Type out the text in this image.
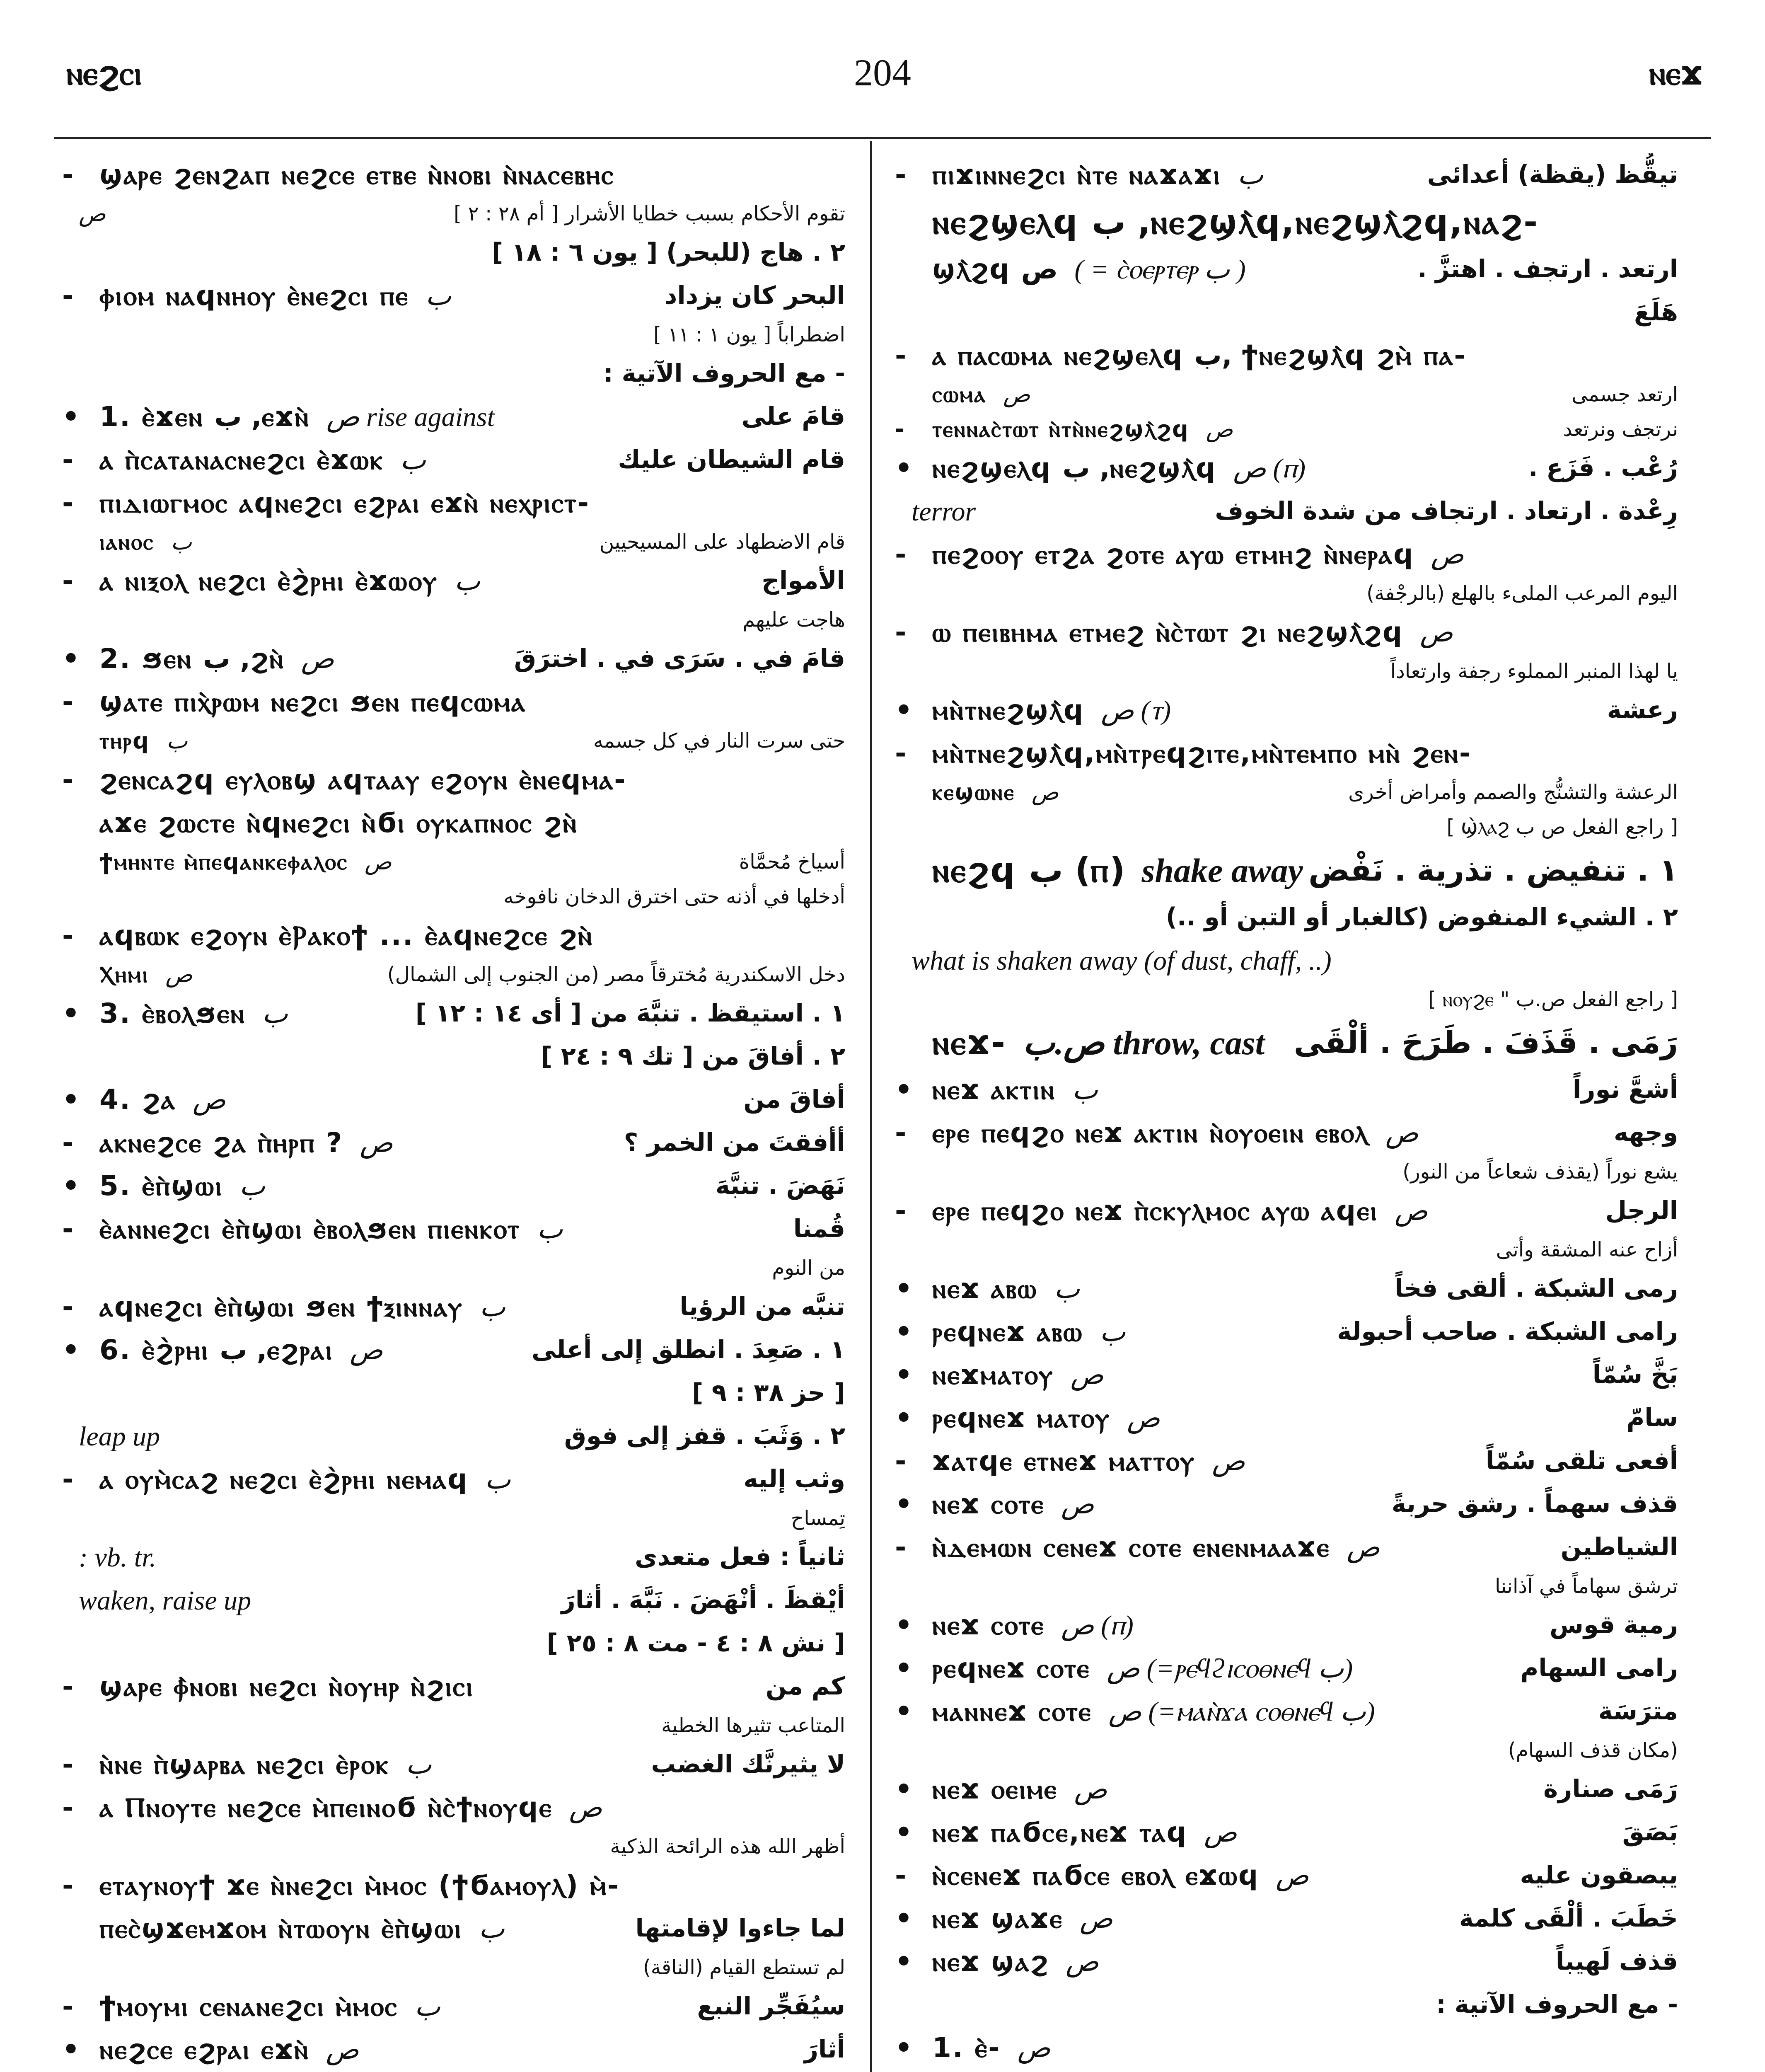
ⲛⲉϩⲥⲓ	204	ⲛⲉϫ
- ϣⲁⲣⲉ ϩⲉⲛϩⲁⲡ ⲛⲉϩⲥⲉ ⲉⲧⲃⲉ ⲛ̀ⲛⲟⲃⲓ ⲛ̀ⲛⲁⲥⲉⲃⲏⲥ
ص	تقوم الأحكام بسبب خطايا الأشرار [ أم ٢٨ : ٢ ]
٢ . هاج (للبحر) [ يون ٦ : ١٨ ]
- ⲫⲓⲟⲙ ⲛⲁϥⲛⲏⲟⲩ ⲉ̀ⲛⲉϩⲥⲓ ⲡⲉ ب	البحر كان يزداد
اضطراباً [ يون ١ : ١١ ]
- مع الحروف الآتية :
• 1. ⲉ̀ϫⲉⲛ ب ,ⲉϫⲛ̀ ص rise against	قامَ على
- ⲁ ⲡ̀ⲥⲁⲧⲁⲛⲁⲥⲛⲉϩⲥⲓ ⲉ̀ϫⲱⲕ ب	قام الشيطان عليك
- ⲡⲓⲇⲓⲱⲅⲙⲟⲥ ⲁϥⲛⲉϩⲥⲓ ⲉϩⲣⲁⲓ ⲉϫⲛ̀ ⲛⲉⲭⲣⲓⲥⲧ-
ⲓⲁⲛⲟⲥ ب	قام الاضطهاد على المسيحيين
- ⲁ ⲛⲓⲝⲟⲗ ⲛⲉϩⲥⲓ ⲉ̀ϩ̀ⲣⲏⲓ ⲉ̀ϫⲱⲟⲩ ب	الأمواج
هاجت عليهم
• 2. ϧⲉⲛ ب ,ϩⲛ̀ ص	قامَ في . سَرَى في . اخترَقَ
- ϣⲁⲧⲉ ⲡⲓⲭ̀ⲣⲱⲙ ⲛⲉϩⲥⲓ ϧⲉⲛ ⲡⲉϥⲥⲱⲙⲁ
ⲧⲏⲣϥ ب	حتى سرت النار في كل جسمه
- ϩⲉⲛⲥⲁϩϥ ⲉⲩⲗⲟⲃϣ ⲁϥⲧⲁⲁⲩ ⲉϩⲟⲩⲛ ⲉ̀ⲛⲉϥⲙⲁ-
ⲁϫⲉ ϩⲱⲥⲧⲉ ⲛ̀ϥⲛⲉϩⲥⲓ ⲛ̀ϭⲓ ⲟⲩⲕⲁⲡⲛⲟⲥ ϩⲛ̀
ϯⲙⲏⲛⲧⲉ ⲙ̀ⲡⲉϥⲁⲛⲕⲉⲫⲁⲗⲟⲥ ص	أسياخ مُحمَّاة
أدخلها في أذنه حتى اخترق الدخان نافوخه
- ⲁϥⲃⲱⲕ ⲉϩⲟⲩⲛ ⲉ̀Ⲣⲁⲕⲟϯ ... ⲉ̀ⲁϥⲛⲉϩⲥⲉ ϩⲛ̀
Ⲭⲏⲙⲓ ص	دخل الاسكندرية مُخترقاً مصر (من الجنوب إلى الشمال)
• 3. ⲉ̀ⲃⲟⲗϧⲉⲛ ب	١ . استيقظ . تنبَّهَ من [ أى ١٤ : ١٢ ]
٢ . أفاقَ من [ تك ٩ : ٢٤ ]
• 4. ϩⲁ ص	أفاقَ من
- ⲁⲕⲛⲉϩⲥⲉ ϩⲁ ⲡ̀ⲏⲣⲡ ? ص	أأفقتَ من الخمر ؟
• 5. ⲉ̀ⲡ̀ϣⲱⲓ ب	نَهَضَ . تنبَّهَ
- ⲉ̀ⲁⲛⲛⲉϩⲥⲓ ⲉ̀ⲡ̀ϣⲱⲓ ⲉ̀ⲃⲟⲗϧⲉⲛ ⲡⲓⲉⲛⲕⲟⲧ ب	قُمنا
من النوم
- ⲁϥⲛⲉϩⲥⲓ ⲉ̀ⲡ̀ϣⲱⲓ ϧⲉⲛ ϯⲝⲓⲛⲛⲁⲩ ب	تنبَّه من الرؤيا
• 6. ⲉ̀ϩ̀ⲣⲏⲓ ب ,ⲉϩⲣⲁⲓ ص	١ . صَعِدَ . انطلق إلى أعلى
[ حز ٣٨ : ٩ ]
leap up	٢ . وَثَبَ . قفز إلى فوق
- ⲁ ⲟⲩⲙ̀ⲥⲁϩ ⲛⲉϩⲥⲓ ⲉ̀ϩ̀ⲣⲏⲓ ⲛⲉⲙⲁϥ ب	وثب إليه
تِمساح
: vb. tr.	ثانياً : فعل متعدى
waken, raise up	أيْقظَ . أنْهَضَ . نَبَّهَ . أثارَ
[ نش ٨ : ٤ - مت ٨ : ٢٥ ]
- ϣⲁⲣⲉ ⲫ̀ⲛⲟⲃⲓ ⲛⲉϩⲥⲓ ⲛ̀ⲟⲩⲏⲣ ⲛ̀ϩⲓⲥⲓ	كم من
المتاعب تثيرها الخطية
- ⲛ̀ⲛⲉ ⲡ̀ϣⲁⲣⲃⲁ ⲛⲉϩⲥⲓ ⲉ̀ⲣⲟⲕ ب	لا يثيرنَّك الغضب
- ⲁ Ⲡⲛⲟⲩⲧⲉ ⲛⲉϩⲥⲉ ⲙ̀ⲡⲉⲓⲛⲟϭ ⲛ̀ⲥ̀ϯⲛⲟⲩϥⲉ ص
أظهر الله هذه الرائحة الذكية
- ⲉⲧⲁⲩⲛⲟⲩϯ ϫⲉ ⲛ̀ⲛⲉϩⲥⲓ ⲙ̀ⲙⲟⲥ (ϯϭⲁⲙⲟⲩⲗ) ⲙ̀-
ⲡⲉⲥ̀ϣϫⲉⲙϫⲟⲙ ⲛ̀ⲧⲱⲟⲩⲛ ⲉ̀ⲡ̀ϣⲱⲓ ب	لما جاءوا لإقامتها
لم تستطع القيام (الناقة)
- ϯⲙⲟⲩⲙⲓ ⲥⲉⲛⲁⲛⲉϩⲥⲓ ⲙ̀ⲙⲟⲥ ب	سيُفَجِّر النبع
• ⲛⲉϩⲥⲉ ⲉϩⲣⲁⲓ ⲉϫⲛ̀ ص	أثارَ
- ⲡⲓϫⲓⲛⲛⲉϩⲥⲓ ⲛ̀ⲧⲉ ⲛⲁϫⲁϫⲓ ب	تيقُّظ (يقظة) أعدائى
ⲛⲉϩϣⲉⲗϥ ب ,ⲛⲉϩϣⲗ̀ϥ,ⲛⲉϩϣⲗ̀ϩϥ,ⲛⲁϩ-
ϣⲗ̀ϩϥ ص ( = ⲥ̀ⲟⲉⲣⲧⲉⲣ ب )	ارتعد . ارتجف . اهتزَّ .
هَلَعَ
- ⲁ ⲡⲁⲥⲱⲙⲁ ⲛⲉϩϣⲉⲗϥ ب, ϯⲛⲉϩϣⲗ̀ϥ ϩⲙ̀ ⲡⲁ-
ⲥⲱⲙⲁ ص	ارتعد جسمى
- ⲧⲉⲛⲛⲁⲥ̀ⲧⲱⲧ ⲛ̀ⲧⲛ̀ⲛⲉϩϣⲗ̀ϩϥ ص	نرتجف ونرتعد
• ⲛⲉϩϣⲉⲗϥ ب ,ⲛⲉϩϣⲗ̀ϥ ص (ⲡ)	رُعْب . فَزَع .
terror	رِعْدة . ارتعاد . ارتجاف من شدة الخوف
- ⲡⲉϩⲟⲟⲩ ⲉⲧϩⲁ ϩⲟⲧⲉ ⲁⲩⲱ ⲉⲧⲙⲏϩ ⲛ̀ⲛⲉⲣⲁϥ ص
اليوم المرعب الملىء بالهلع (بالرجْفة)
- ⲱ ⲡⲉⲓⲃⲏⲙⲁ ⲉⲧⲙⲉϩ ⲛ̀ⲥ̀ⲧⲱⲧ ϩⲓ ⲛⲉϩϣⲗ̀ϩϥ ص
يا لهذا المنبر المملوء رجفة وارتعاداً
• ⲙⲛ̀ⲧⲛⲉϩϣⲗ̀ϥ ص (ⲧ)	رعشة
- ⲙⲛ̀ⲧⲛⲉϩϣⲗ̀ϥ,ⲙⲛ̀ⲧⲣⲉϥϩⲓⲧⲉ,ⲙⲛ̀ⲧⲉⲙⲡⲟ ⲙⲛ̀ ϩⲉⲛ-
ⲕⲉϣⲱⲛⲉ ص	الرعشة والتشنُّج والصمم وأمراض أخرى
[ راجع الفعل ص ب ϣ̀ⲗⲁϩ ]
ⲛⲉϩϥ ب (ⲡ) shake away ١ . تنفيض . تذرية . نَفْض
٢ . الشيء المنفوض (كالغبار أو التبن أو ..)
what is shaken away (of dust, chaff, ..)
[ راجع الفعل ص.ب " ⲛⲟⲩϩⲉ ]
ⲛⲉϫ- ص.ب throw, cast رَمَى . قَذَفَ . طَرَحَ . ألْقَى
• ⲛⲉϫ ⲁⲕⲧⲓⲛ ب	أشعَّ نوراً
- ⲉⲣⲉ ⲡⲉϥϩⲟ ⲛⲉϫ ⲁⲕⲧⲓⲛ ⲛ̀ⲟⲩⲟⲉⲓⲛ ⲉⲃⲟⲗ ص	وجهه
يشع نوراً (يقذف شعاعاً من النور)
- ⲉⲣⲉ ⲡⲉϥϩⲟ ⲛⲉϫ ⲡ̀ⲥⲕⲩⲗⲙⲟⲥ ⲁⲩⲱ ⲁϥⲉⲓ ص	الرجل
أزاح عنه المشقة وأتى
• ⲛⲉϫ ⲁⲃⲱ ب	رمى الشبكة . ألقى فخاً
• ⲣⲉϥⲛⲉϫ ⲁⲃⲱ ب	رامى الشبكة . صاحب أحبولة
• ⲛⲉϫⲙⲁⲧⲟⲩ ص	بَخَّ سُمّاً
• ⲣⲉϥⲛⲉϫ ⲙⲁⲧⲟⲩ ص	سامّ
- ϫⲁⲧϥⲉ ⲉⲧⲛⲉϫ ⲙⲁⲧⲧⲟⲩ ص	أفعى تلقى سُمّاً
• ⲛⲉϫ ⲥⲟⲧⲉ ص	قذف سهماً . رشق حربةً
- ⲛ̀ⲇⲉⲙⲱⲛ ⲥⲉⲛⲉϫ ⲥⲟⲧⲉ ⲉⲛⲉⲛⲙⲁⲁϫⲉ ص	الشياطين
ترشق سهاماً في آذاننا
• ⲛⲉϫ ⲥⲟⲧⲉ ص (ⲡ)	رمية قوس
• ⲣⲉϥⲛⲉϫ ⲥⲟⲧⲉ ص (=ⲣⲉϥϩⲓⲥⲟⲑⲛⲉϥ ب)	رامى السهام
• ⲙⲁⲛⲛⲉϫ ⲥⲟⲧⲉ ص (=ⲙⲁⲛ̀ϫⲁ ⲥⲟⲑⲛⲉϥ ب)	مترَسَة
(مكان قذف السهام)
• ⲛⲉϫ ⲟⲉⲓⲙⲉ ص	رَمَى صنارة
• ⲛⲉϫ ⲡⲁϭⲥⲉ,ⲛⲉϫ ⲧⲁϥ ص	بَصَقَ
- ⲛ̀ⲥⲉⲛⲉϫ ⲡⲁϭⲥⲉ ⲉⲃⲟⲗ ⲉϫⲱϥ ص	يبصقون عليه
• ⲛⲉϫ ϣⲁϫⲉ ص	خَطَبَ . ألْقَى كلمة
• ⲛⲉϫ ϣⲁϩ ص	قذف لَهيباً
- مع الحروف الآتية :
• 1. ⲉ̀- ص
